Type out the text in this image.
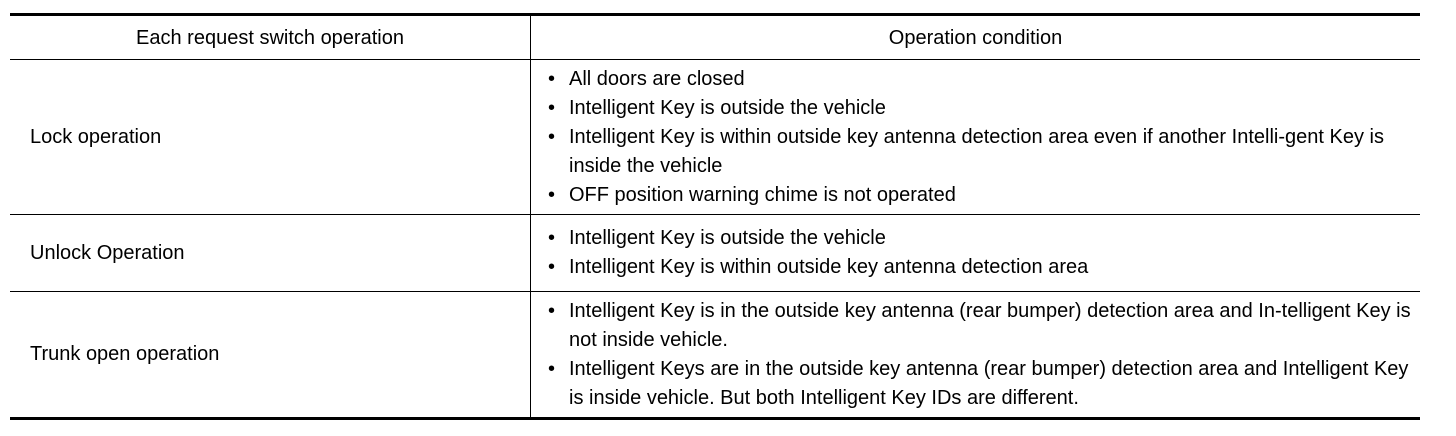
Each request switch operation	Operation condition
Lock operation
• All doors are closed
• Intelligent Key is outside the vehicle
• Intelligent Key is within outside key antenna detection area even if another Intelli-gent Key is inside the vehicle
• OFF position warning chime is not operated
Unlock Operation
• Intelligent Key is outside the vehicle
• Intelligent Key is within outside key antenna detection area
Trunk open operation
• Intelligent Key is in the outside key antenna (rear bumper) detection area and In-telligent Key is not inside vehicle.
• Intelligent Keys are in the outside key antenna (rear bumper) detection area and Intelligent Key is inside vehicle. But both Intelligent Key IDs are different.
